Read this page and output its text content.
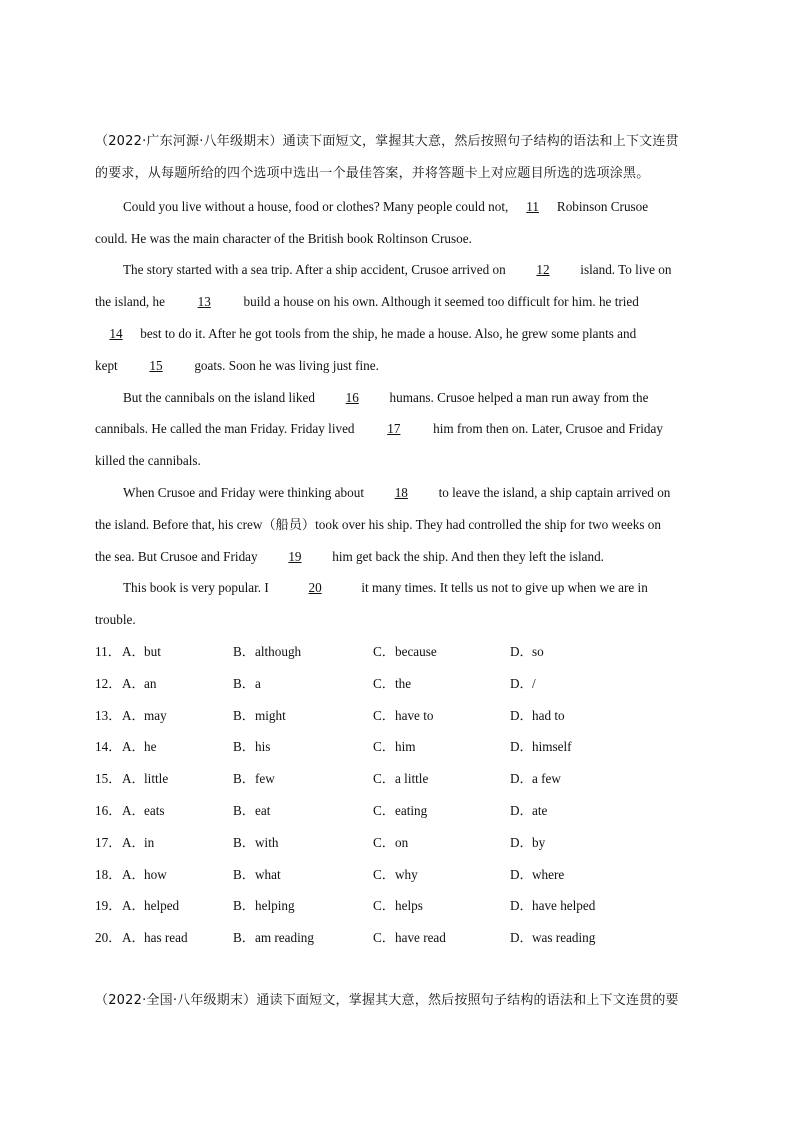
（2022·广东河源·八年级期末）通读下面短文，掌握其大意，然后按照句子结构的语法和上下文连贯
的要求，从每题所给的四个选项中选出一个最佳答案，并将答题卡上对应题目所选的选项涂黑。
Could you live without a house, food or clothes? Many people could not, 11 Robinson Crusoe
could. He was the main character of the British book Roltinson Crusoe.
The story started with a sea trip. After a ship accident, Crusoe arrived on 12 island. To live on
the island, he 13 build a house on his own. Although it seemed too difficult for him. he tried
14 best to do it. After he got tools from the ship, he made a house. Also, he grew some plants and
kept 15 goats. Soon he was living just fine.
But the cannibals on the island liked 16 humans. Crusoe helped a man run away from the
cannibals. He called the man Friday. Friday lived 17 him from then on. Later, Crusoe and Friday
killed the cannibals.
When Crusoe and Friday were thinking about 18 to leave the island, a ship captain arrived on
the island. Before that, his crew（船员）took over his ship. They had controlled the ship for two weeks on
the sea. But Crusoe and Friday 19 him get back the ship. And then they left the island.
This book is very popular. I	20	it many times. It tells us not to give up when we are in
trouble.
11． A．but	B．although	C．because	D．so
12． A．an	B．a	C．the	D．/
13． A．may	B．might	C．have to	D．had to
14． A．he	B．his	C．him	D．himself
15． A．little	B．few	C．a little	D．a few
16． A．eats	B．eat	C．eating	D．ate
17． A．in	B．with	C．on	D．by
18． A．how	B．what	C．why	D．where
19． A．helped	B．helping	C．helps	D．have helped
20． A．has read	B．am reading	C．have read	D．was reading
（2022·全国·八年级期末）通读下面短文，掌握其大意，然后按照句子结构的语法和上下文连贯的要
